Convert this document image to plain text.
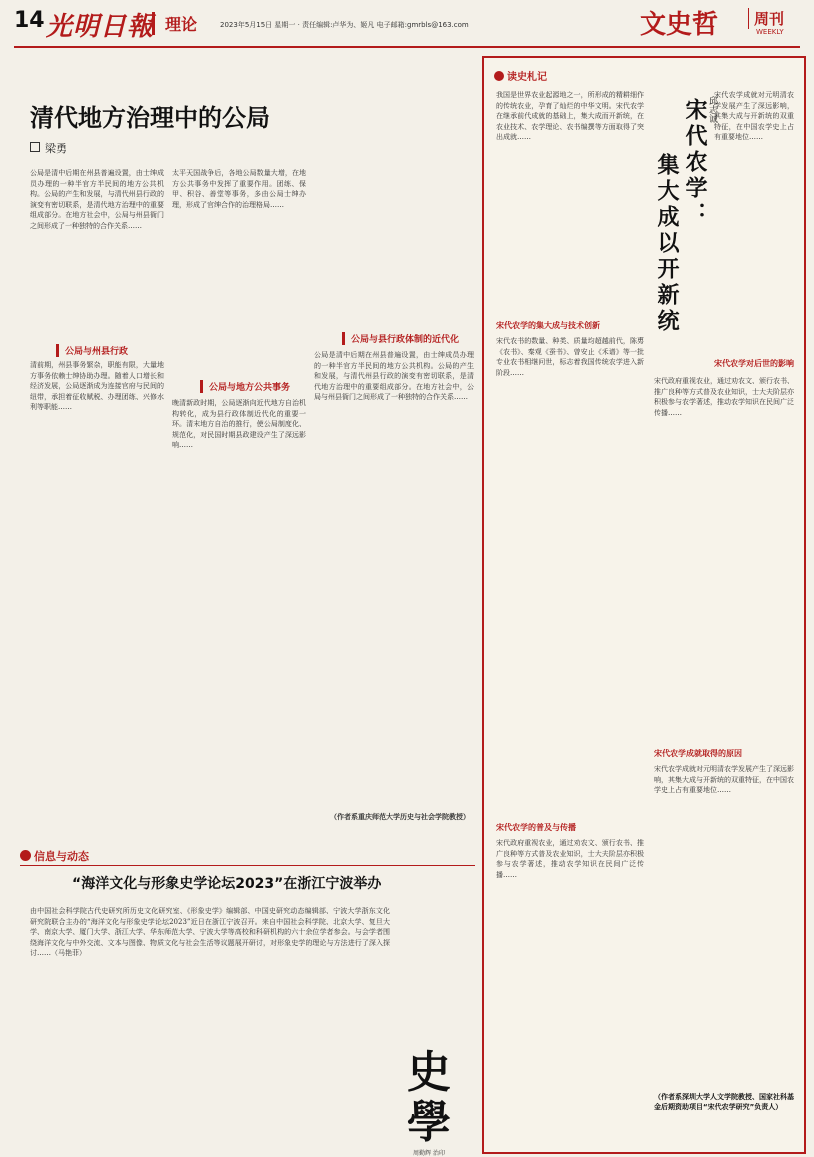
14 光明日報 理论	2023年5月15日 星期一 · 责任编辑:卢华为、姬凡 电子邮箱:gmrbls@163.com	文史哲	周刊
WEEKLY
清代地方治理中的公局
梁勇
公局是清中后期在州县普遍设置，由士绅成员办理的一种半官方半民间的地方公共机构。公局的产生和发展，与清代州县行政的演变有密切联系，是清代地方治理中的重要组成部分。在地方社会中，公局与州县衙门之间形成了一种独特的合作关系……
公局与州县行政
清前期，州县事务繁杂，职能有限，大量地方事务依赖士绅协助办理。随着人口增长和经济发展，公局逐渐成为连接官府与民间的纽带，承担着征收赋税、办理团练、兴修水利等职能……
太平天国战争后，各地公局数量大增，在地方公共事务中发挥了重要作用。团练、保甲、积谷、善堂等事务，多由公局士绅办理，形成了官绅合作的治理格局……
公局与地方公共事务
晚清新政时期，公局逐渐向近代地方自治机构转化，成为县行政体制近代化的重要一环。清末地方自治的推行，使公局制度化、规范化，对民国时期县政建设产生了深远影响……
公局与县行政体制的近代化
公局是清中后期在州县普遍设置，由士绅成员办理的一种半官方半民间的地方公共机构。公局的产生和发展，与清代州县行政的演变有密切联系，是清代地方治理中的重要组成部分。在地方社会中，公局与州县衙门之间形成了一种独特的合作关系……
（作者系重庆师范大学历史与社会学院教授）
读史札记
邱志诚
宋代农学：
集大成以开新统
我国是世界农业起源地之一，所形成的精耕细作的传统农业，孕育了灿烂的中华文明。宋代农学在继承前代成就的基础上，集大成而开新统，在农业技术、农学理论、农书编撰等方面取得了突出成就……
宋代农学的集大成与技术创新
宋代农书的数量、种类、质量均超越前代，陈旉《农书》、秦观《蚕书》、曾安止《禾谱》等一批专业农书相继问世，标志着我国传统农学进入新阶段……
宋代农学的普及与传播
宋代政府重视农业，通过劝农文、颁行农书、推广良种等方式普及农业知识，士大夫阶层亦积极参与农学著述，推动农学知识在民间广泛传播……
宋代农学成就对元明清农学发展产生了深远影响，其集大成与开新统的双重特征，在中国农学史上占有重要地位……
宋代农学对后世的影响
宋代政府重视农业，通过劝农文、颁行农书、推广良种等方式普及农业知识，士大夫阶层亦积极参与农学著述，推动农学知识在民间广泛传播……
宋代农学成就取得的原因
宋代农学成就对元明清农学发展产生了深远影响，其集大成与开新统的双重特征，在中国农学史上占有重要地位……
（作者系深圳大学人文学院教授、国家社科基金后期资助项目“宋代农学研究”负责人）
信息与动态
“海洋文化与形象史学论坛2023”在浙江宁波举办
由中国社会科学院古代史研究所历史文化研究室、《形象史学》编辑部、中国史研究动态编辑部、宁波大学浙东文化研究院联合主办的“海洋文化与形象史学论坛2023”近日在浙江宁波召开。来自中国社会科学院、北京大学、复旦大学、南京大学、厦门大学、浙江大学、华东师范大学、宁波大学等高校和科研机构的六十余位学者参会。与会学者围绕海洋文化与中外交流、文本与图像、物质文化与社会生活等议题展开研讨，对形象史学的理论与方法进行了深入探讨……（马艳菲）
史學
周勤辉 治印
